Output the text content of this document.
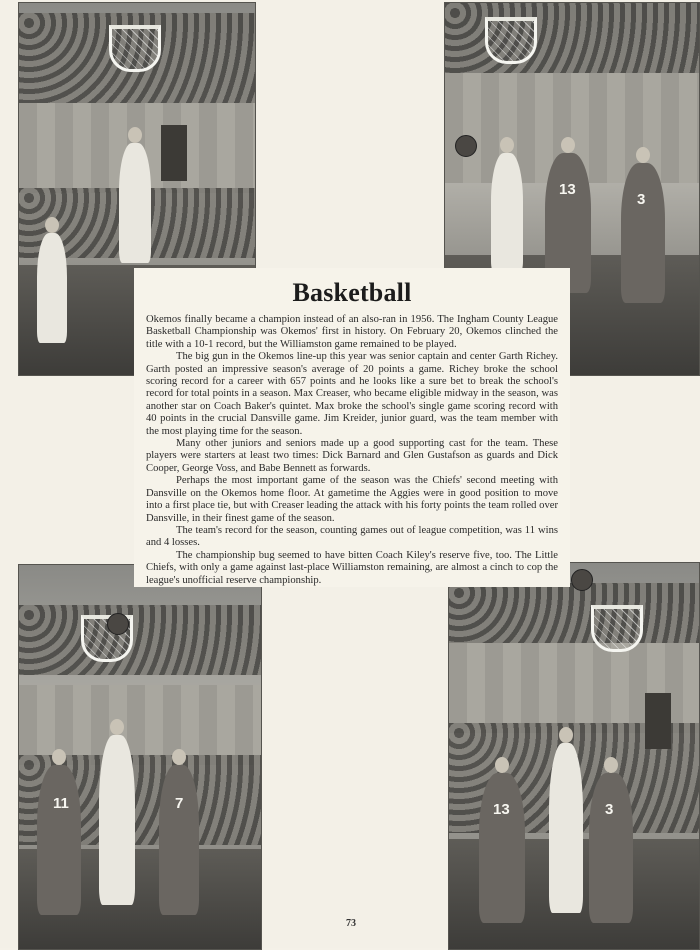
13
3
11	7	13	3
Basketball

Okemos finally became a champion instead of an also-ran in 1956. The Ingham County League Basketball Championship was Okemos' first in history. On February 20, Okemos clinched the title with a 10-1 record, but the Williamston game remained to be played.

The big gun in the Okemos line-up this year was senior captain and center Garth Richey. Garth posted an impressive season's average of 20 points a game. Richey broke the school scoring record for a career with 657 points and he looks like a sure bet to break the school's record for total points in a season. Max Creaser, who became eligible midway in the season, was another star on Coach Baker's quintet. Max broke the school's single game scoring record with 40 points in the crucial Dansville game. Jim Kreider, junior guard, was the team member with the most playing time for the season.

Many other juniors and seniors made up a good supporting cast for the team. These players were starters at least two times: Dick Barnard and Glen Gustafson as guards and Dick Cooper, George Voss, and Babe Bennett as forwards.

Perhaps the most important game of the season was the Chiefs' second meeting with Dansville on the Okemos home floor. At gametime the Aggies were in good position to move into a first place tie, but with Creaser leading the attack with his forty points the team rolled over Dansville, in their finest game of the season.

The team's record for the season, counting games out of league competition, was 11 wins and 4 losses.

The championship bug seemed to have bitten Coach Kiley's reserve five, too. The Little Chiefs, with only a game against last-place Williamston remaining, are almost a cinch to cop the league's unofficial reserve championship.

73
